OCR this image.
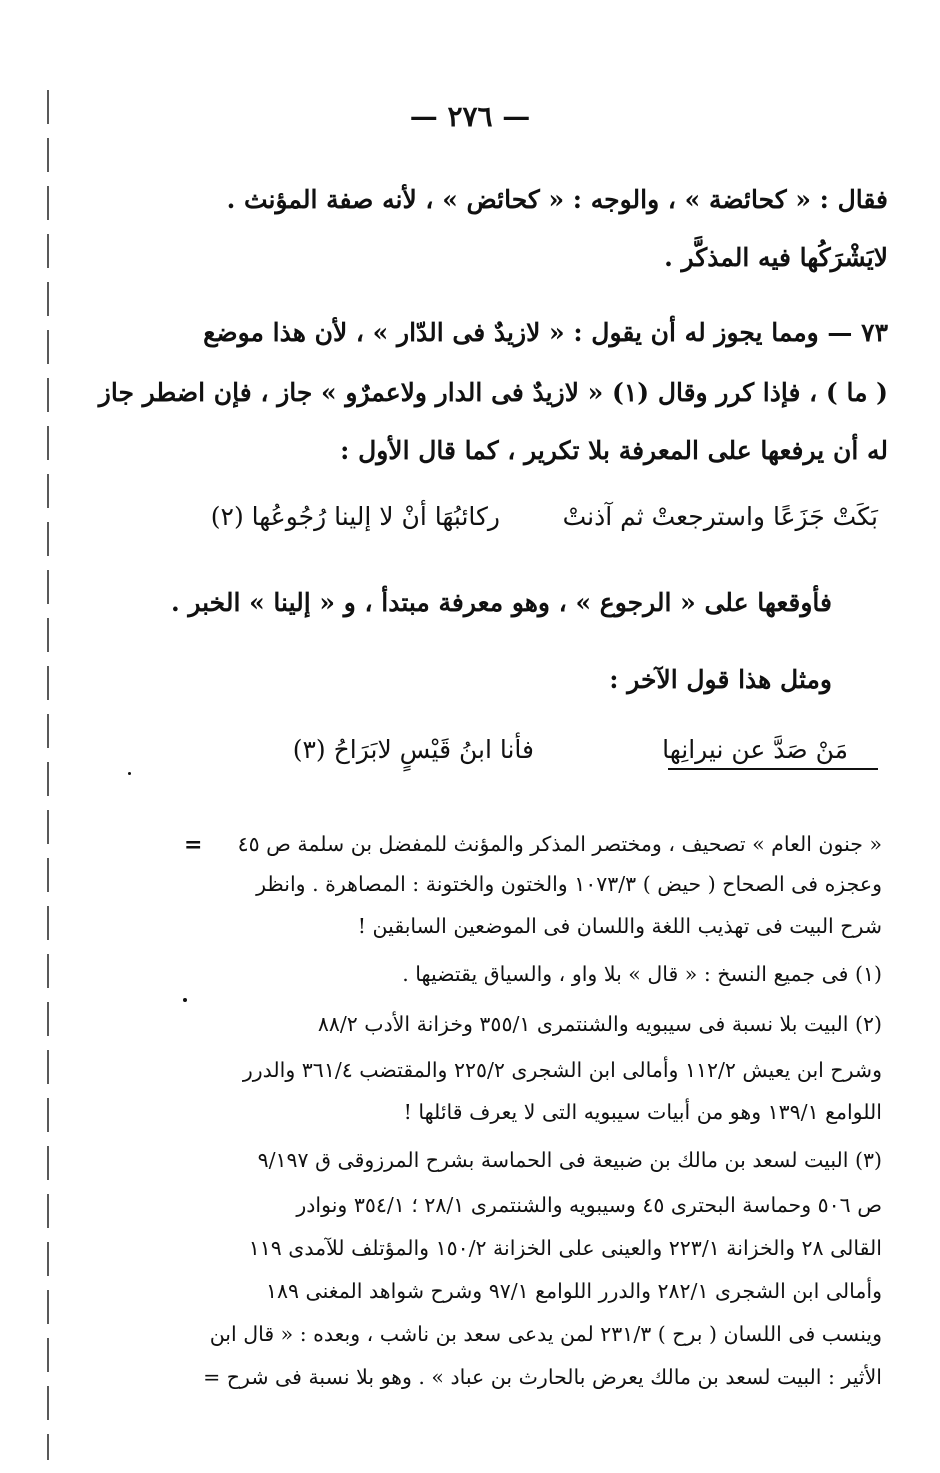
— ٢٧٦ —
فقال : « كحائضة » ، والوجه : « كحائض » ، لأنه صفة المؤنث .
لايَشْرَكُها فيه المذكَّر .
٧٣ — ومما يجوز له أن يقول : « لازيدٌ فى الدّار » ، لأن هذا موضع
( ما ) ، فإذا كرر وقال (١) « لازيدٌ فى الدار ولاعمرٌو » جاز ، فإن اضطر جاز
له أن يرفعها على المعرفة بلا تكرير ، كما قال الأول :
بَكَتْ جَزَعًا واسترجعتْ ثم آذنتْ
ركائبُهَا أنْ لا إلينا رُجُوعُها (٢)
فأوقعها على « الرجوع » ، وهو معرفة مبتدأ ، و « إلينا » الخبر .
ومثل هذا قول الآخر :
مَنْ صَدَّ عن نيرانِها
فأنا ابنُ قَيْسٍ لابَرَاحُ (٣)
=	« جنون العام » تصحيف ، ومختصر المذكر والمؤنث للمفضل بن سلمة ص ٤٥
وعجزه فى الصحاح ( حيض ) ١٠٧٣/٣ والختون والختونة : المصاهرة . وانظر
شرح البيت فى تهذيب اللغة واللسان فى الموضعين السابقين !
(١) فى جميع النسخ : « قال » بلا واو ، والسياق يقتضيها .
(٢) البيت بلا نسبة فى سيبويه والشنتمرى ٣٥٥/١ وخزانة الأدب ٨٨/٢
وشرح ابن يعيش ١١٢/٢ وأمالى ابن الشجرى ٢٢٥/٢ والمقتضب ٣٦١/٤ والدرر
اللوامع ١٣٩/١ وهو من أبيات سيبويه التى لا يعرف قائلها !
(٣) البيت لسعد بن مالك بن ضبيعة فى الحماسة بشرح المرزوقى ق ٩/١٩٧
ص ٥٠٦ وحماسة البحترى ٤٥ وسيبويه والشنتمرى ٢٨/١ ؛ ٣٥٤/١ ونوادر
القالى ٢٨ والخزانة ٢٢٣/١ والعينى على الخزانة ١٥٠/٢ والمؤتلف للآمدى ١١٩
وأمالى ابن الشجرى ٢٨٢/١ والدرر اللوامع ٩٧/١ وشرح شواهد المغنى ١٨٩
وينسب فى اللسان ( برح ) ٢٣١/٣ لمن يدعى سعد بن ناشب ، وبعده : « قال ابن
الأثير : البيت لسعد بن مالك يعرض بالحارث بن عباد » . وهو بلا نسبة فى شرح =
